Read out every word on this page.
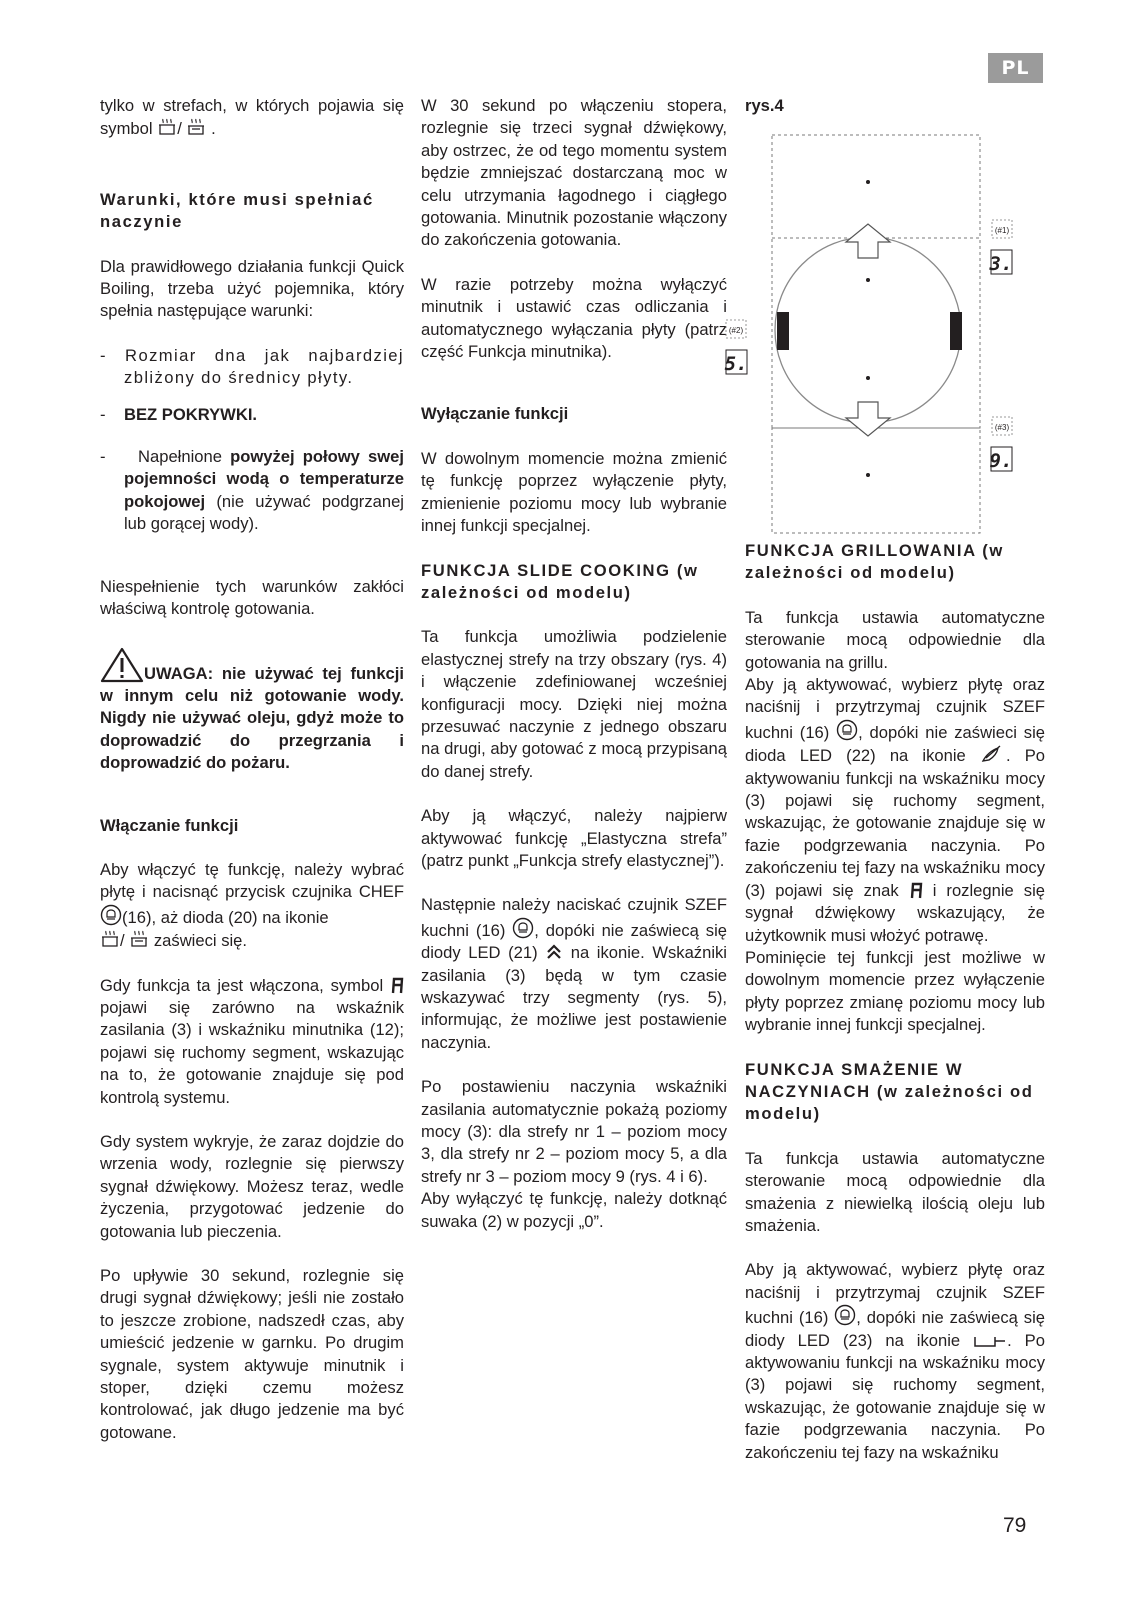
PL

tylko w strefach, w których pojawia się symbol / .

Warunki, które musi spełniać naczynie

Dla prawidłowego działania funkcji Quick Boiling, trzeba użyć pojemnika, który spełnia następujące warunki:

- Rozmiar dna jak najbardziej zbliżony do średnicy płyty.

- BEZ POKRYWKI.

- Napełnione powyżej połowy swej pojemności wodą o temperaturze pokojowej (nie używać podgrzanej lub gorącej wody).

Niespełnienie tych warunków zakłóci właściwą kontrolę gotowania.

UWAGA: nie używać tej funkcji w innym celu niż gotowanie wody. Nigdy nie używać oleju, gdyż może to doprowadzić do przegrzania i doprowadzić do pożaru.

Włączanie funkcji

Aby włączyć tę funkcję, należy wybrać płytę i nacisnąć przycisk czujnika CHEF (16), aż dioda (20) na ikonie
/ zaświeci się.

Gdy funkcja ta jest włączona, symbol  pojawi się zarówno na wskaźnik zasilania (3) i wskaźniku minutnika (12); pojawi się ruchomy segment, wskazując na to, że gotowanie znajduje się pod kontrolą systemu.

Gdy system wykryje, że zaraz dojdzie do wrzenia wody, rozlegnie się pierwszy sygnał dźwiękowy. Możesz teraz, wedle życzenia, przygotować jedzenie do gotowania lub pieczenia.

Po upływie 30 sekund, rozlegnie się drugi sygnał dźwiękowy; jeśli nie zostało to jeszcze zrobione, nadszedł czas, aby umieścić jedzenie w garnku. Po drugim sygnale, system aktywuje minutnik i stoper, dzięki czemu możesz kontrolować, jak długo jedzenie ma być gotowane.

W 30 sekund po włączeniu stopera, rozlegnie się trzeci sygnał dźwiękowy, aby ostrzec, że od tego momentu system będzie zmniejszać dostarczaną moc w celu utrzymania łagodnego i ciągłego gotowania. Minutnik pozostanie włączony do zakończenia gotowania.

W razie potrzeby można wyłączyć minutnik i ustawić czas odliczania i automatycznego wyłączania płyty (patrz część Funkcja minutnika).

Wyłączanie funkcji

W dowolnym momencie można zmienić tę funkcję poprzez wyłączenie płyty, zmienienie poziomu mocy lub wybranie innej funkcji specjalnej.

FUNKCJA SLIDE COOKING (w zależności od modelu)

Ta funkcja umożliwia podzielenie elastycznej strefy na trzy obszary (rys. 4) i włączenie zdefiniowanej wcześniej konfiguracji mocy. Dzięki niej można przesuwać naczynie z jednego obszaru na drugi, aby gotować z mocą przypisaną do danej strefy.

Aby ją włączyć, należy najpierw aktywować funkcję „Elastyczna strefa” (patrz punkt „Funkcja strefy elastycznej”).

Następnie należy naciskać czujnik SZEF kuchni (16) , dopóki nie zaświecą się diody LED (21)  na ikonie. Wskaźniki zasilania (3) będą w tym czasie wskazywać trzy segmenty (rys. 5), informując, że możliwe jest postawienie naczynia.

Po postawieniu naczynia wskaźniki zasilania automatycznie pokażą poziomy mocy (3): dla strefy nr 1 – poziom mocy 3, dla strefy nr 2 – poziom mocy 5, a dla strefy nr 3 – poziom mocy 9 (rys. 4 i 6).

Aby wyłączyć tę funkcję, należy dotknąć suwaka (2) w pozycji „0”.

rys.4

(#1)
3.
(#2)
5.
(#3)
9.

FUNKCJA GRILLOWANIA (w zależności od modelu)

Ta funkcja ustawia automatyczne sterowanie mocą odpowiednie dla gotowania na grillu.

Aby ją aktywować, wybierz płytę oraz naciśnij i przytrzymaj czujnik SZEF kuchni (16) , dopóki nie zaświeci się dioda LED (22) na ikonie . Po aktywowaniu funkcji na wskaźniku mocy (3) pojawi się ruchomy segment, wskazując, że gotowanie znajduje się w fazie podgrzewania naczynia. Po zakończeniu tej fazy na wskaźniku mocy (3) pojawi się znak i rozlegnie się sygnał dźwiękowy wskazujący, że użytkownik musi włożyć potrawę.

Pominięcie tej funkcji jest możliwe w dowolnym momencie przez wyłączenie płyty poprzez zmianę poziomu mocy lub wybranie innej funkcji specjalnej.

FUNKCJA SMAŻENIE W NACZYNIACH (w zależności od modelu)

Ta funkcja ustawia automatyczne sterowanie mocą odpowiednie dla smażenia z niewielką ilością oleju lub smażenia.

Aby ją aktywować, wybierz płytę oraz naciśnij i przytrzymaj czujnik SZEF kuchni (16) , dopóki nie zaświecą się diody LED (23) na ikonie	. Po aktywowaniu funkcji na wskaźniku mocy (3) pojawi się ruchomy segment, wskazując, że gotowanie znajduje się w fazie podgrzewania naczynia. Po zakończeniu tej fazy na wskaźniku

79
